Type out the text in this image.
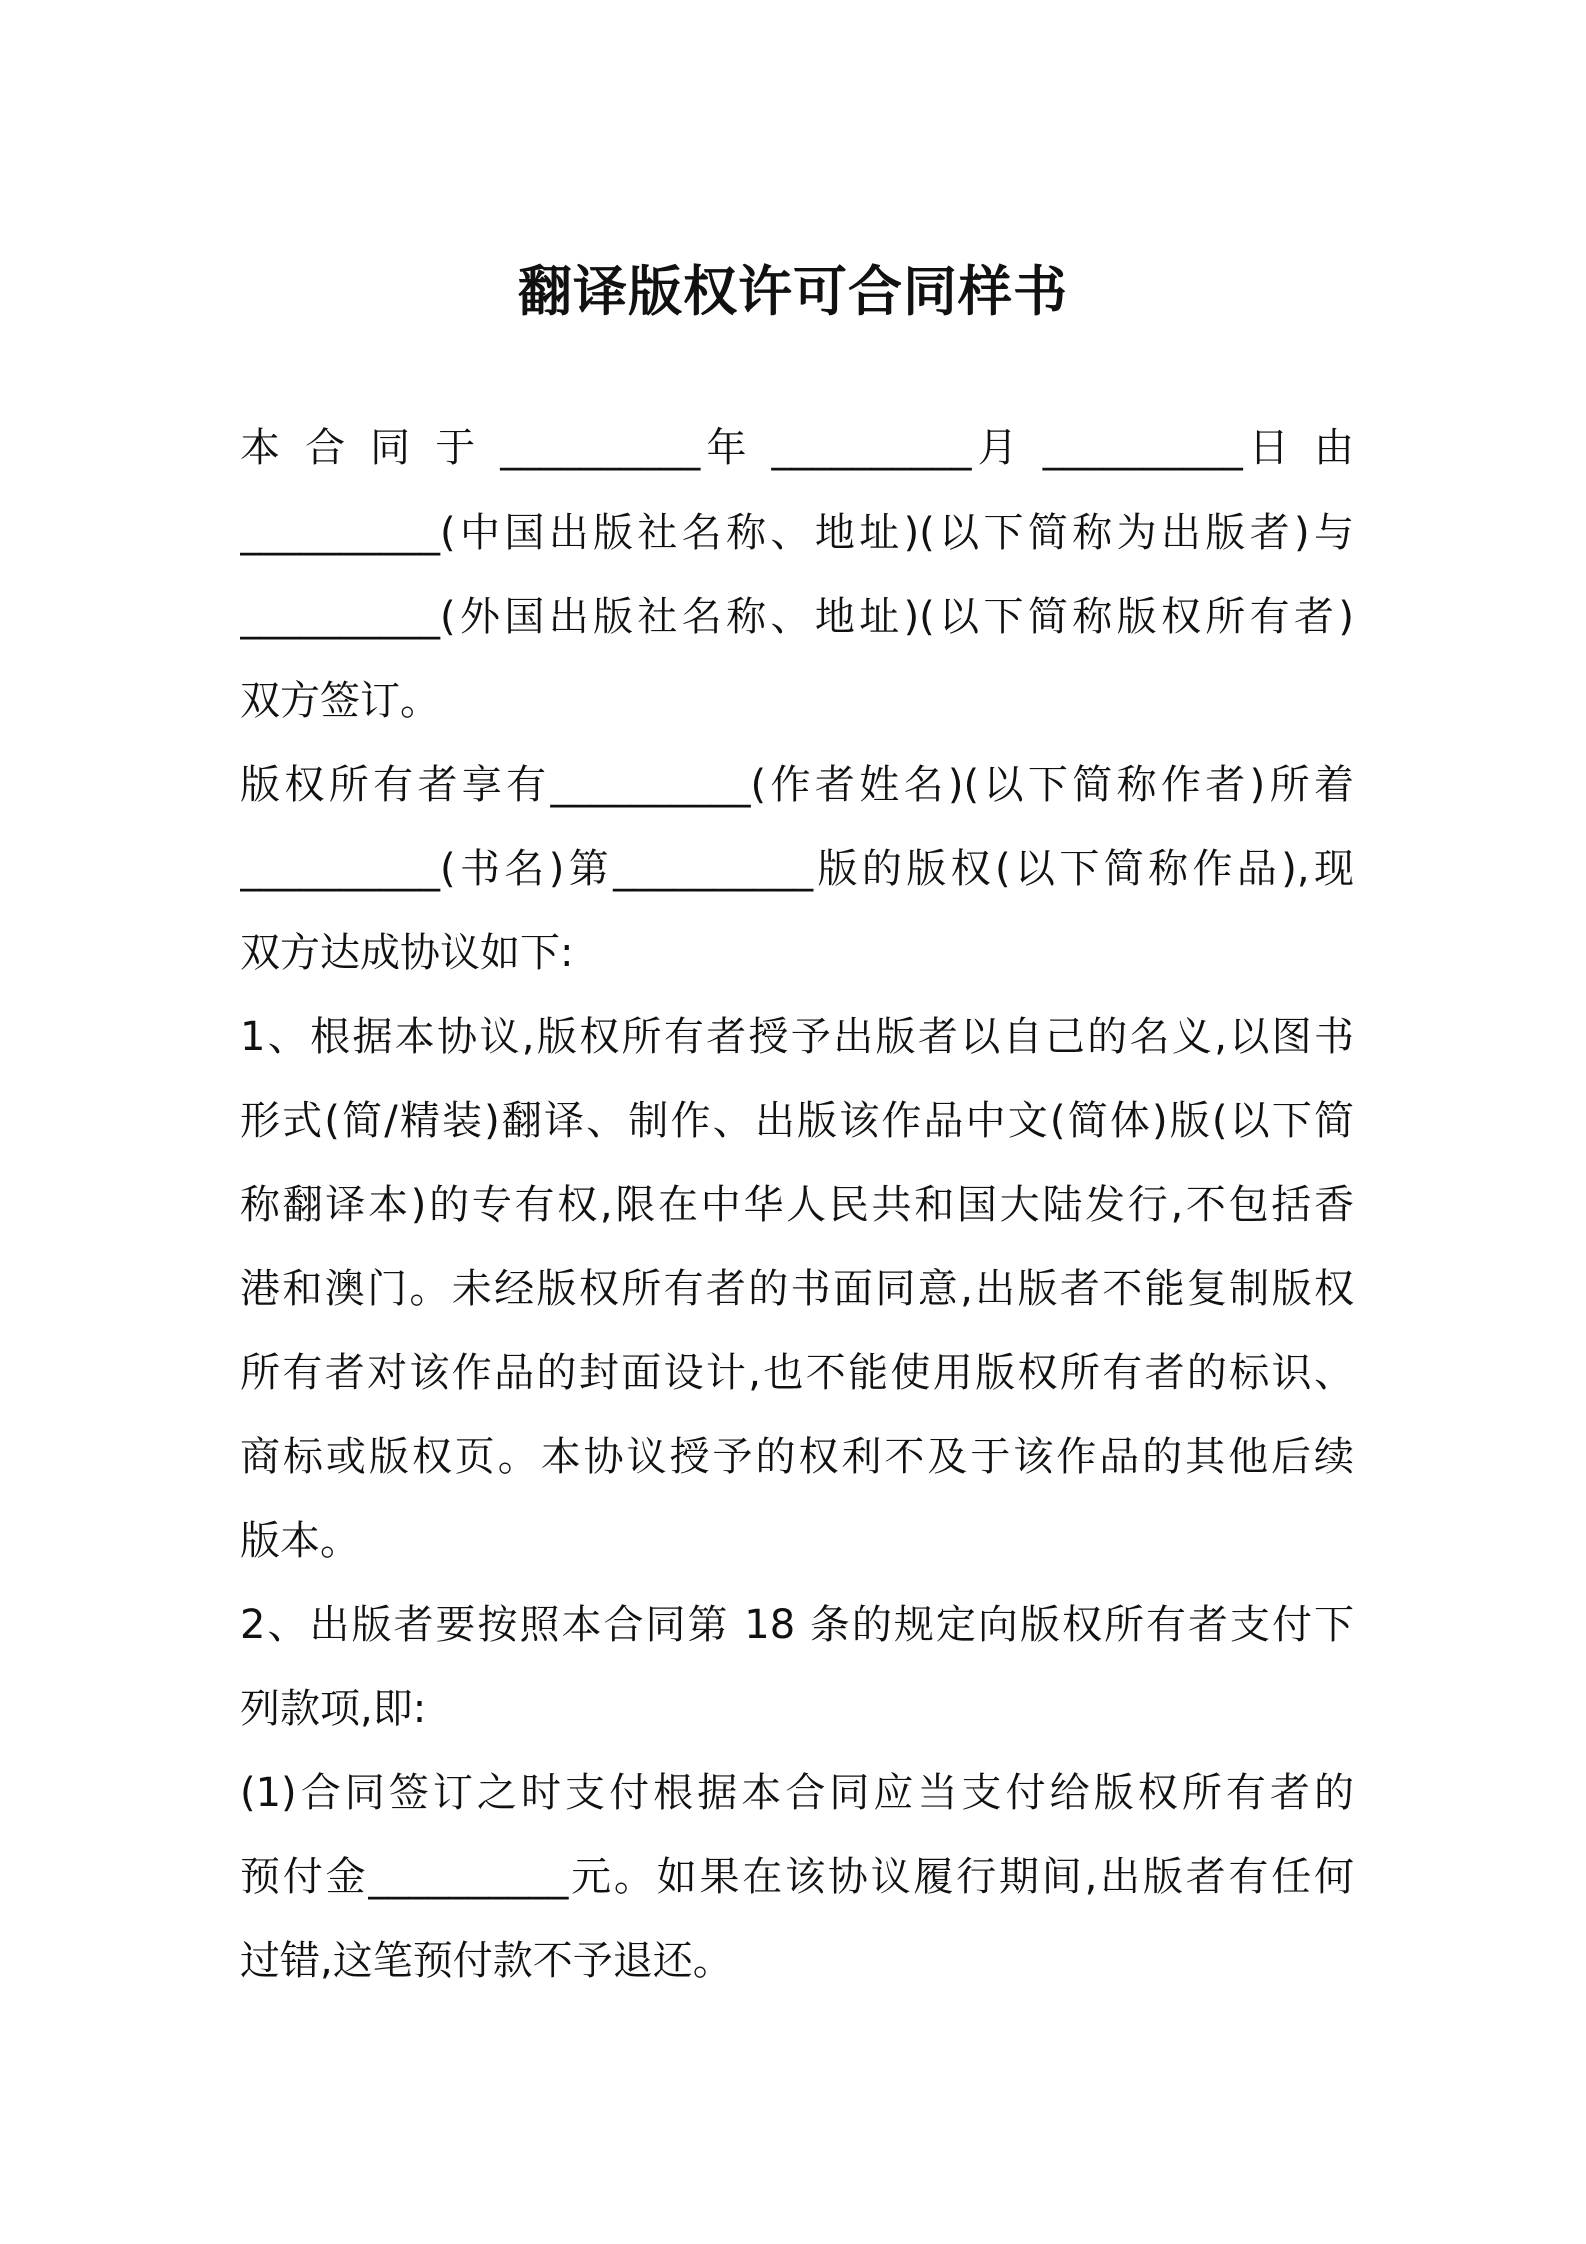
翻译版权许可合同样书

本 合 同 于 __________年 __________月 __________日 由

__________(中国出版社名称、地址)(以下简称为出版者)与

__________(外国出版社名称、地址)(以下简称版权所有者)

双方签订。

版权所有者享有__________(作者姓名)(以下简称作者)所着

__________(书名)第__________版的版权(以下简称作品),现

双方达成协议如下:

1、根据本协议,版权所有者授予出版者以自己的名义,以图书

形式(简/精装)翻译、制作、出版该作品中文(简体)版(以下简

称翻译本)的专有权,限在中华人民共和国大陆发行,不包括香

港和澳门。未经版权所有者的书面同意,出版者不能复制版权

所有者对该作品的封面设计,也不能使用版权所有者的标识、

商标或版权页。本协议授予的权利不及于该作品的其他后续

版本。

2、出版者要按照本合同第 18 条的规定向版权所有者支付下

列款项,即:

(1)合同签订之时支付根据本合同应当支付给版权所有者的

预付金__________元。如果在该协议履行期间,出版者有任何

过错,这笔预付款不予退还。
